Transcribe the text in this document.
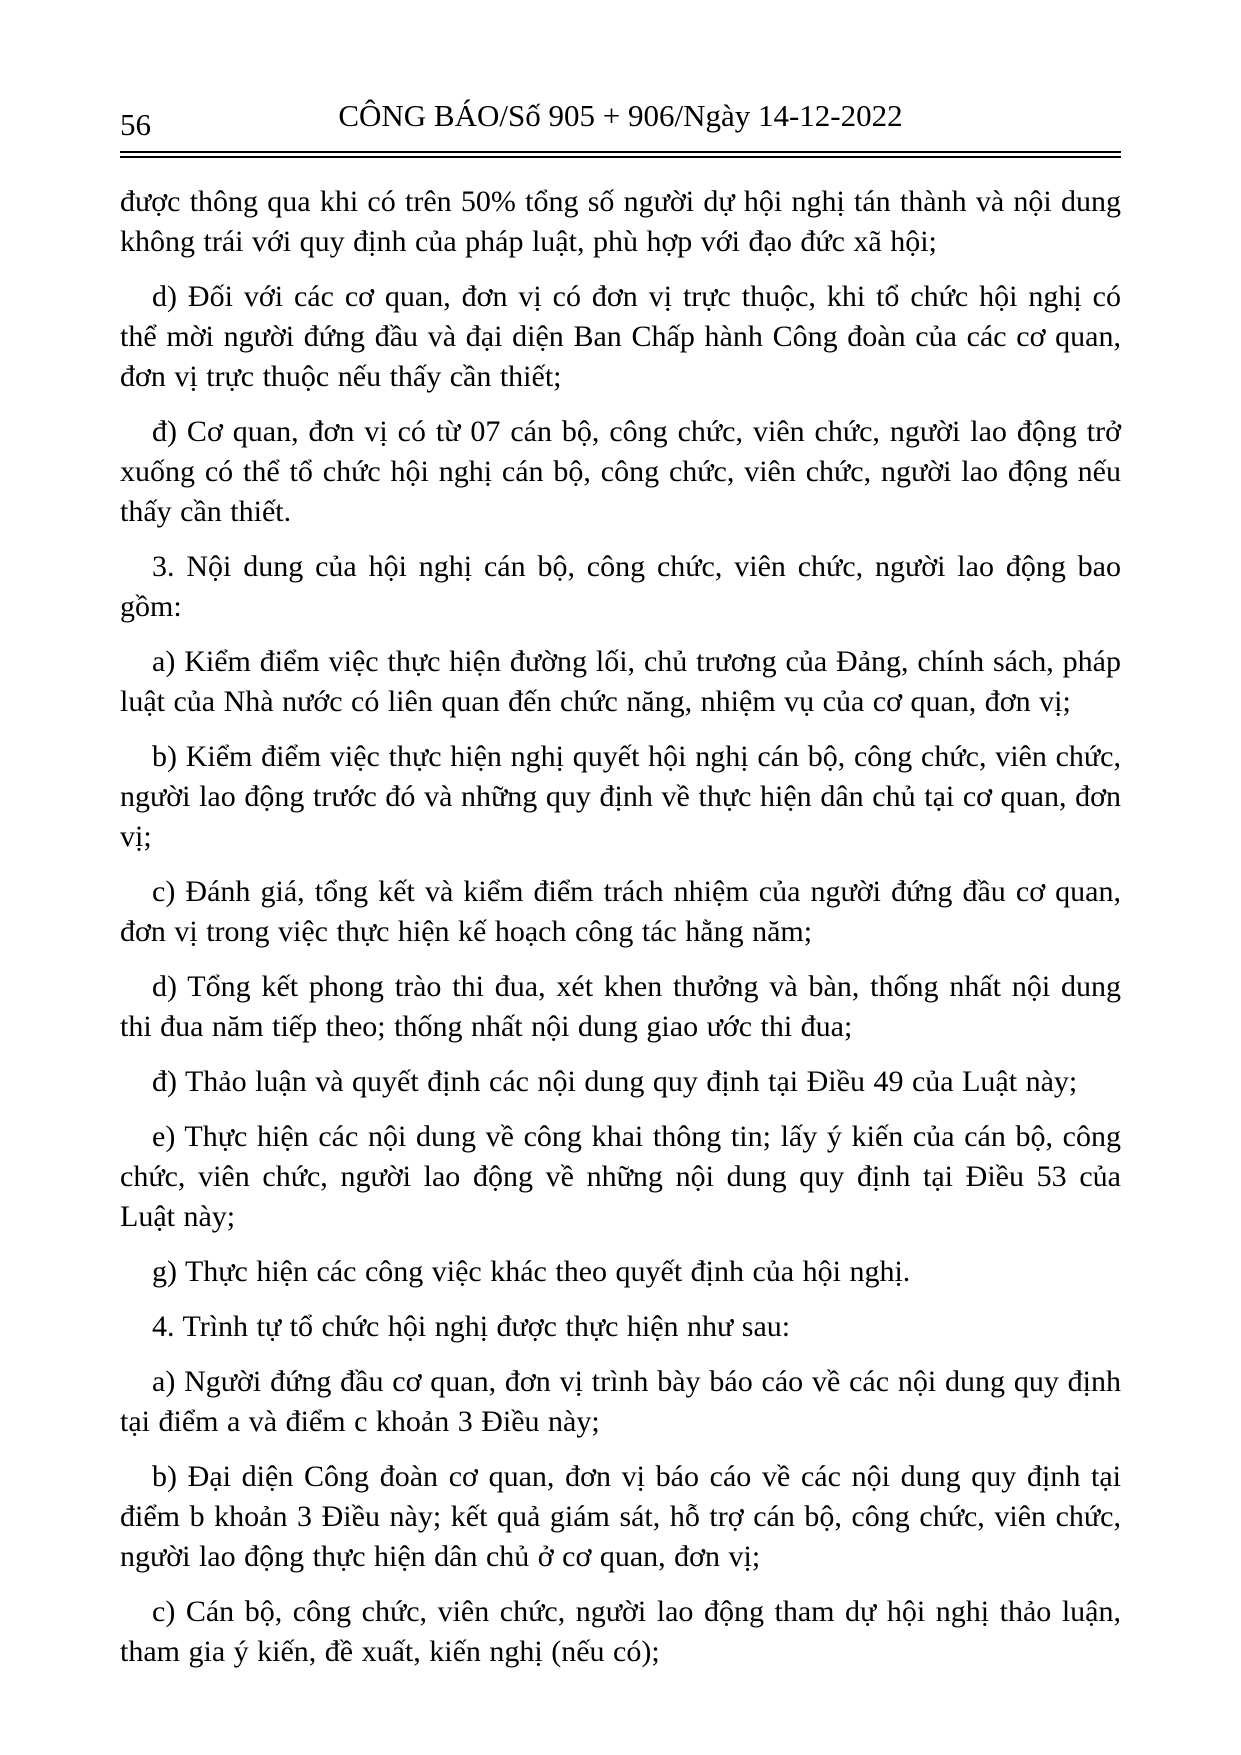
56	CÔNG BÁO/Số 905 + 906/Ngày 14-12-2022

được thông qua khi có trên 50% tổng số người dự hội nghị tán thành và nội dung không trái với quy định của pháp luật, phù hợp với đạo đức xã hội;

d) Đối với các cơ quan, đơn vị có đơn vị trực thuộc, khi tổ chức hội nghị có thể mời người đứng đầu và đại diện Ban Chấp hành Công đoàn của các cơ quan, đơn vị trực thuộc nếu thấy cần thiết;

đ) Cơ quan, đơn vị có từ 07 cán bộ, công chức, viên chức, người lao động trở xuống có thể tổ chức hội nghị cán bộ, công chức, viên chức, người lao động nếu thấy cần thiết.

3. Nội dung của hội nghị cán bộ, công chức, viên chức, người lao động bao gồm:

a) Kiểm điểm việc thực hiện đường lối, chủ trương của Đảng, chính sách, pháp luật của Nhà nước có liên quan đến chức năng, nhiệm vụ của cơ quan, đơn vị;

b) Kiểm điểm việc thực hiện nghị quyết hội nghị cán bộ, công chức, viên chức, người lao động trước đó và những quy định về thực hiện dân chủ tại cơ quan, đơn vị;

c) Đánh giá, tổng kết và kiểm điểm trách nhiệm của người đứng đầu cơ quan, đơn vị trong việc thực hiện kế hoạch công tác hằng năm;

d) Tổng kết phong trào thi đua, xét khen thưởng và bàn, thống nhất nội dung thi đua năm tiếp theo; thống nhất nội dung giao ước thi đua;

đ) Thảo luận và quyết định các nội dung quy định tại Điều 49 của Luật này;

e) Thực hiện các nội dung về công khai thông tin; lấy ý kiến của cán bộ, công chức, viên chức, người lao động về những nội dung quy định tại Điều 53 của Luật này;

g) Thực hiện các công việc khác theo quyết định của hội nghị.

4. Trình tự tổ chức hội nghị được thực hiện như sau:

a) Người đứng đầu cơ quan, đơn vị trình bày báo cáo về các nội dung quy định tại điểm a và điểm c khoản 3 Điều này;

b) Đại diện Công đoàn cơ quan, đơn vị báo cáo về các nội dung quy định tại điểm b khoản 3 Điều này; kết quả giám sát, hỗ trợ cán bộ, công chức, viên chức, người lao động thực hiện dân chủ ở cơ quan, đơn vị;

c) Cán bộ, công chức, viên chức, người lao động tham dự hội nghị thảo luận, tham gia ý kiến, đề xuất, kiến nghị (nếu có);
